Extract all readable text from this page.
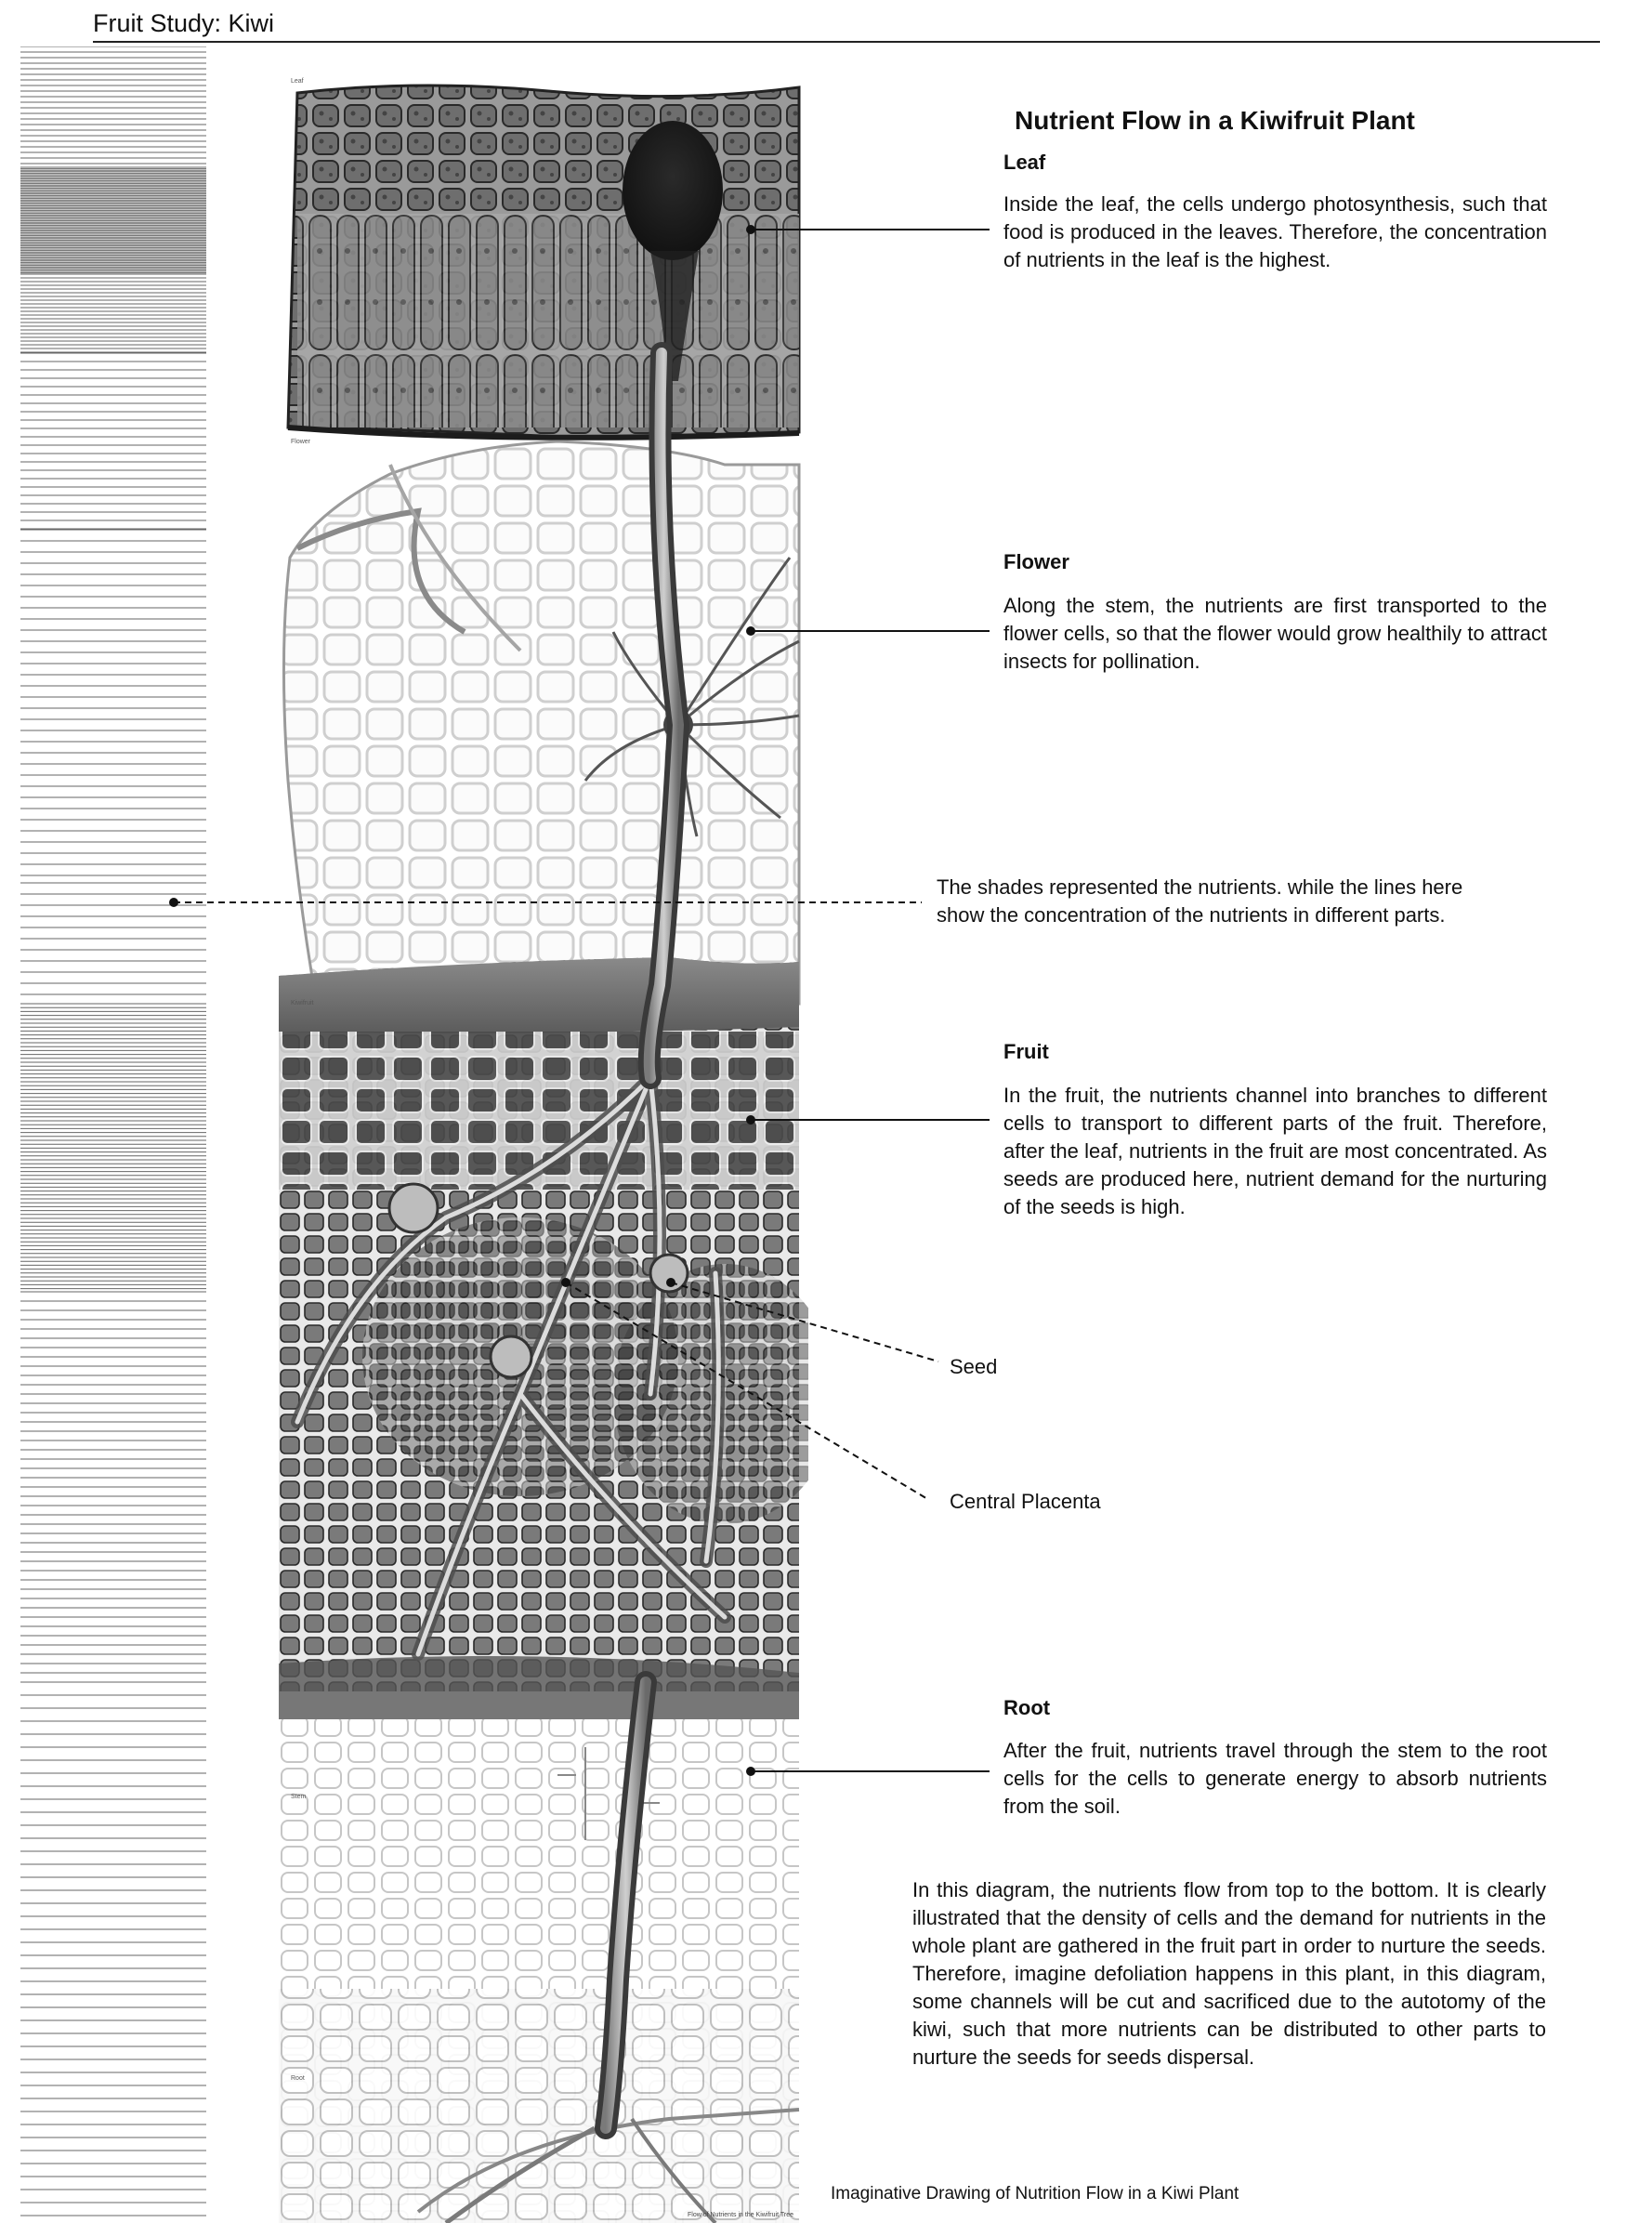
Fruit Study: Kiwi
Leaf
Flower
Kiwifruit
Stem
Root
Nutrient Flow in a Kiwifruit Plant
Leaf
Inside the leaf, the cells undergo photosynthesis, such that food is produced in the leaves. Therefore, the concentration of nutrients in the leaf is the highest.
Flower
Along the stem, the nutrients are first transported to the flower cells, so that the flower would grow healthily to attract insects for pollination.
The shades represented the nutrients. while the lines here show the concentration of the nutrients in different parts.
Fruit
In the fruit, the nutrients channel into branches to different cells to transport to different parts of the fruit. Therefore, after the leaf, nutrients in the fruit are most concentrated. As seeds are produced here, nutrient demand for the nurturing of the seeds is high.
Seed
Central Placenta
Root
After the fruit, nutrients travel through the stem to the root cells for the cells to generate energy to absorb nutrients from the soil.
In this diagram, the nutrients flow from top to the bottom. It is clearly illustrated that the density of cells and the demand for nutrients in the whole plant are gathered in the fruit part in order to nurture the seeds. Therefore, imagine defoliation happens in this plant, in this diagram, some channels will be cut and sacrificed due to the autotomy of the kiwi, such that more nutrients can be distributed to other parts to nurture the seeds for seeds dispersal.
Imaginative Drawing of Nutrition Flow in a Kiwi Plant
Flow of Nutrients in the Kiwifruit Tree
